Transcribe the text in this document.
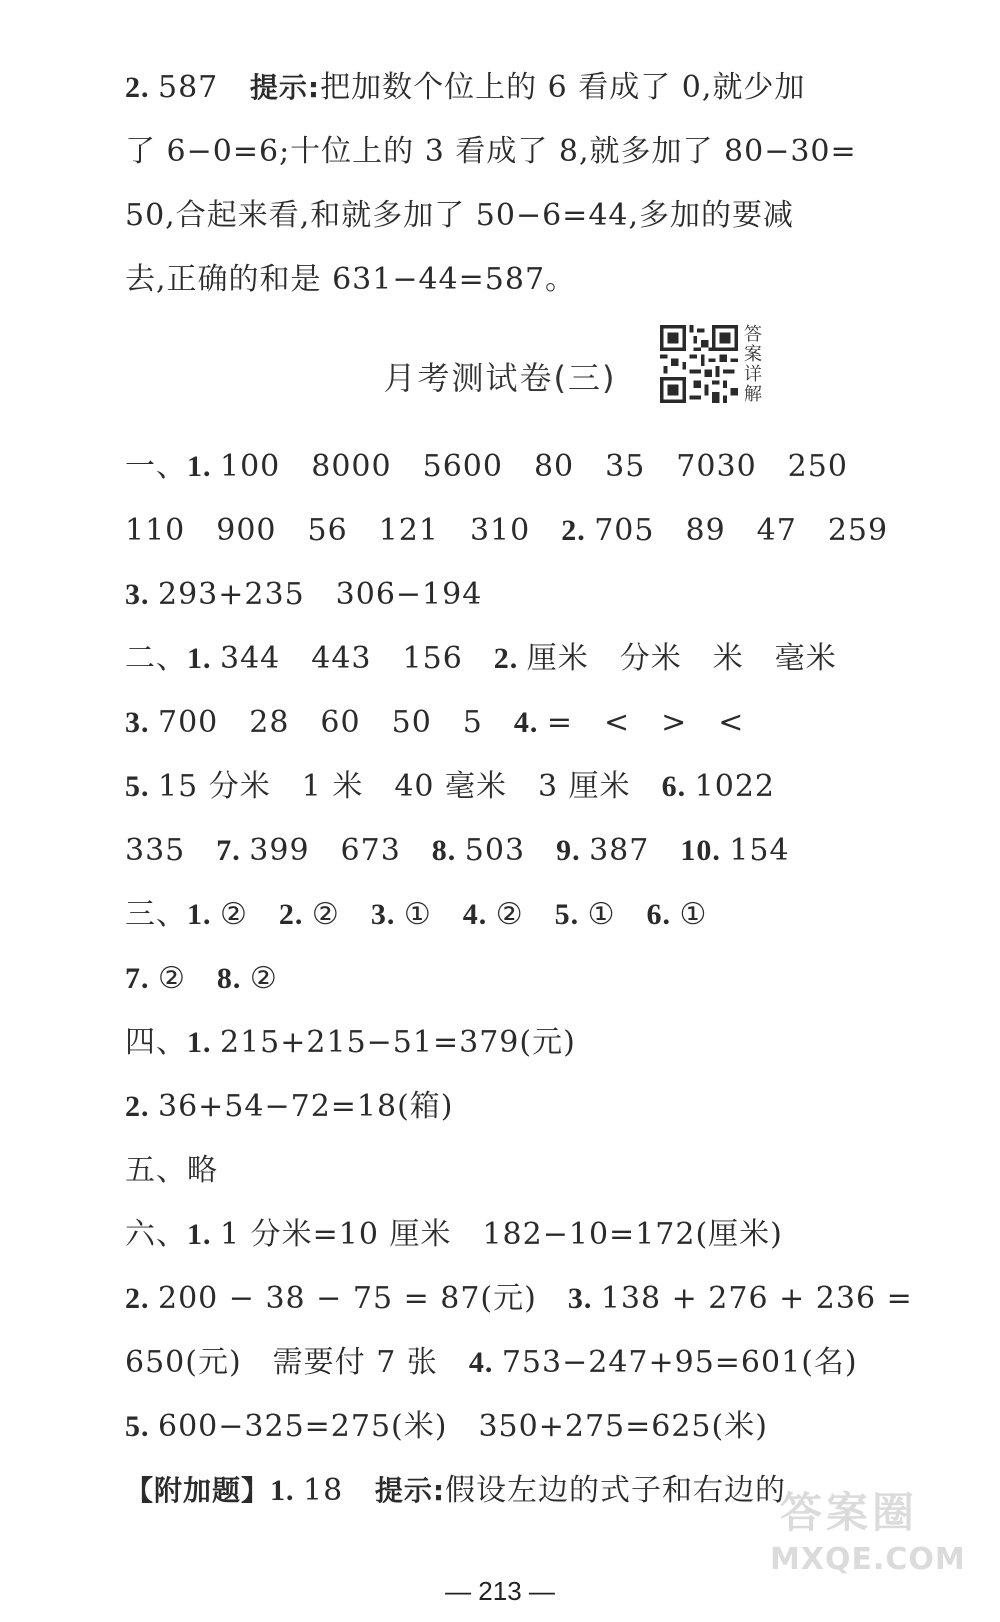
2. 587 提示:把加数个位上的 6 看成了 0,就少加
了 6−0=6;十位上的 3 看成了 8,就多加了 80−30=
50,合起来看,和就多加了 50−6=44,多加的要减
去,正确的和是 631−44=587。
月考测试卷(三)
答
案
详
解
一、1. 100　8000　5600　80　35　7030　250
110　900　56　121　310　2. 705　89　47　259
3. 293+235　306−194
二、1. 344　443　156　2. 厘米　分米　米　毫米
3. 700　28　60　50　5　4. =　<　>　<
5. 15 分米　1 米　40 毫米　3 厘米　6. 1022
335　7. 399　673　8. 503　9. 387　10. 154
三、1. ②　2. ②　3. ①　4. ②　5. ①　6. ①
7. ②　8. ②
四、1. 215+215−51=379(元)
2. 36+54−72=18(箱)
五、略
六、1. 1 分米=10 厘米　182−10=172(厘米)
2. 200 − 38 − 75 = 87(元)　3. 138 + 276 + 236 =
650(元)　需要付 7 张　4. 753−247+95=601(名)
5. 600−325=275(米)　350+275=625(米)
【附加题】1. 18 提示:假设左边的式子和右边的
— 213 —
答案圈
MXQE.COM
